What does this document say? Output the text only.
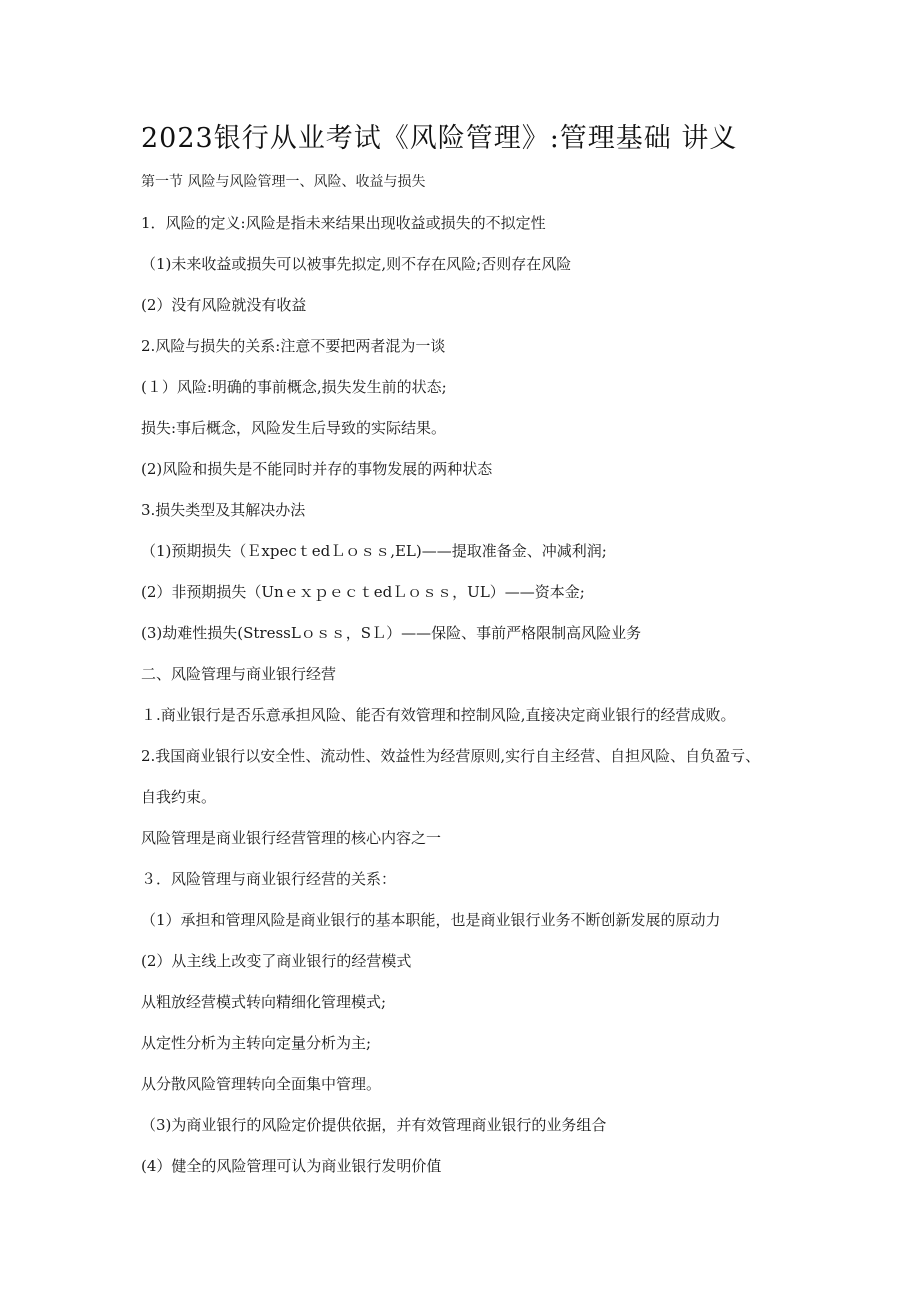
2023银行从业考试《风险管理》:管理基础 讲义
第一节 风险与风险管理一、风险、收益与损失
1．风险的定义:风险是指未来结果出现收益或损失的不拟定性
（1)未来收益或损失可以被事先拟定,则不存在风险;否则存在风险
(2）没有风险就没有收益
2.风险与损失的关系:注意不要把两者混为一谈
(１）风险:明确的事前概念,损失发生前的状态;
损失:事后概念，风险发生后导致的实际结果。
(2)风险和损失是不能同时并存的事物发展的两种状态
3.损失类型及其解决办法
（1)预期损失（ＥxpecｔedＬｏｓｓ,EL)——提取准备金、冲减利润;
(2）非预期损失（UnｅｘｐｅｃｔedＬｏｓｓ，UL）——资本金;
(3)劫难性损失(StressLｏｓｓ，SＬ）——保险、事前严格限制高风险业务
二、风险管理与商业银行经营
１.商业银行是否乐意承担风险、能否有效管理和控制风险,直接决定商业银行的经营成败。
2.我国商业银行以安全性、流动性、效益性为经营原则,实行自主经营、自担风险、自负盈亏、
自我约束。
风险管理是商业银行经营管理的核心内容之一
３．风险管理与商业银行经营的关系：
（1）承担和管理风险是商业银行的基本职能，也是商业银行业务不断创新发展的原动力
(2）从主线上改变了商业银行的经营模式
从粗放经营模式转向精细化管理模式;
从定性分析为主转向定量分析为主;
从分散风险管理转向全面集中管理。
（3)为商业银行的风险定价提供依据，并有效管理商业银行的业务组合
(4）健全的风险管理可认为商业银行发明价值
